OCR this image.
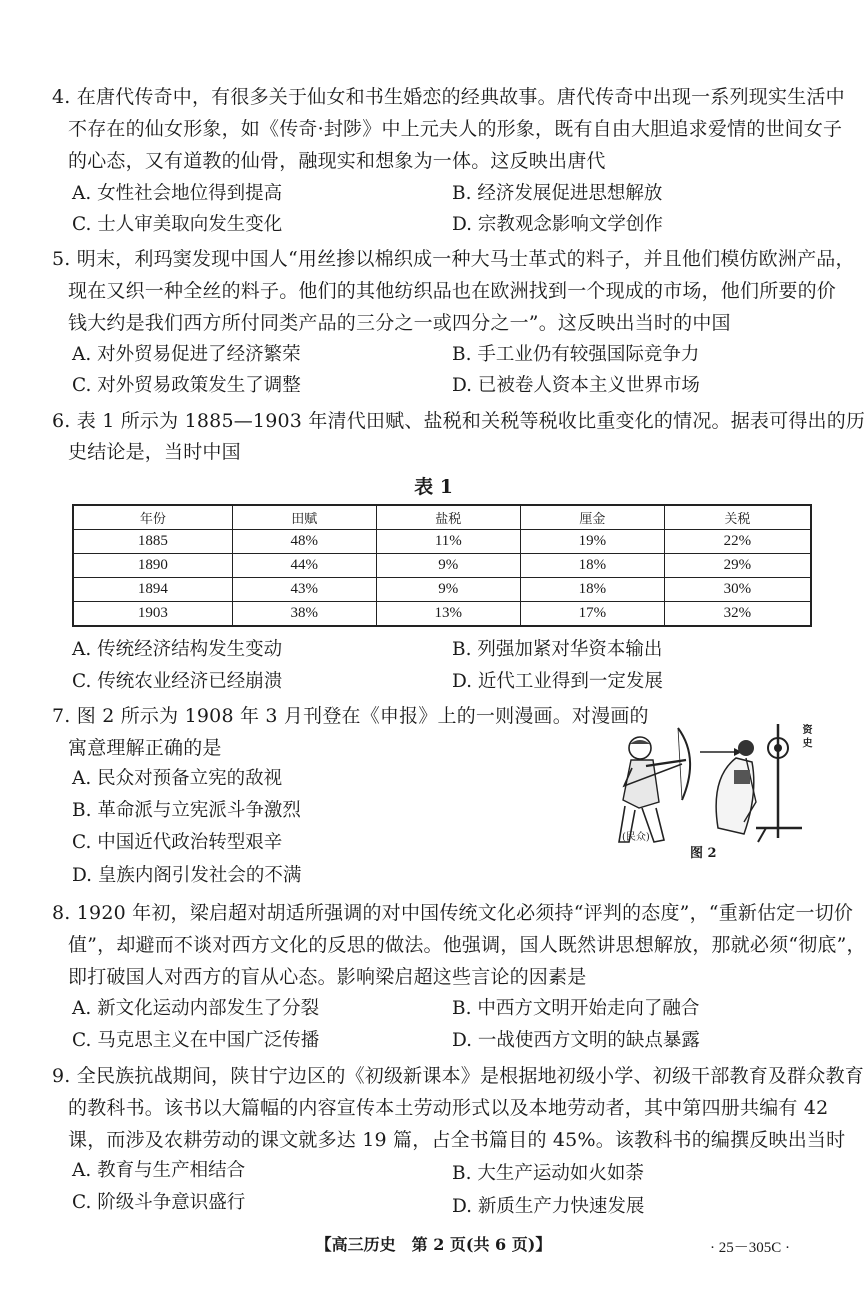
4. 在唐代传奇中，有很多关于仙女和书生婚恋的经典故事。唐代传奇中出现一系列现实生活中
不存在的仙女形象，如《传奇·封陟》中上元夫人的形象，既有自由大胆追求爱情的世间女子
的心态，又有道教的仙骨，融现实和想象为一体。这反映出唐代
A. 女性社会地位得到提高	B. 经济发展促进思想解放
C. 士人审美取向发生变化	D. 宗教观念影响文学创作
5. 明末，利玛窦发现中国人“用丝掺以棉织成一种大马士革式的料子，并且他们模仿欧洲产品，
现在又织一种全丝的料子。他们的其他纺织品也在欧洲找到一个现成的市场，他们所要的价
钱大约是我们西方所付同类产品的三分之一或四分之一”。这反映出当时的中国
A. 对外贸易促进了经济繁荣	B. 手工业仍有较强国际竞争力
C. 对外贸易政策发生了调整	D. 已被卷人资本主义世界市场
6. 表 1 所示为 1885—1903 年清代田赋、盐税和关税等税收比重变化的情况。据表可得出的历
史结论是，当时中国
表 1
年份	田赋	盐税	厘金	关税
1885	48%	11%	19%	22%
1890	44%	9%	18%	29%
1894	43%	9%	18%	30%
1903	38%	13%	17%	32%
A. 传统经济结构发生变动	B. 列强加紧对华资本输出
C. 传统农业经济已经崩溃	D. 近代工业得到一定发展
7. 图 2 所示为 1908 年 3 月刊登在《申报》上的一则漫画。对漫画的
寓意理解正确的是
A. 民众对预备立宪的敌视
B. 革命派与立宪派斗争激烈
C. 中国近代政治转型艰辛
D. 皇族内阁引发社会的不满
资 史
(民众)
图 2
8. 1920 年初，梁启超对胡适所强调的对中国传统文化必须持“评判的态度”，“重新估定一切价
值”，却避而不谈对西方文化的反思的做法。他强调，国人既然讲思想解放，那就必须“彻底”，
即打破国人对西方的盲从心态。影响梁启超这些言论的因素是
A. 新文化运动内部发生了分裂	B. 中西方文明开始走向了融合
C. 马克思主义在中国广泛传播	D. 一战使西方文明的缺点暴露
9. 全民族抗战期间，陕甘宁边区的《初级新课本》是根据地初级小学、初级干部教育及群众教育
的教科书。该书以大篇幅的内容宣传本土劳动形式以及本地劳动者，其中第四册共编有 42
课，而涉及农耕劳动的课文就多达 19 篇，占全书篇目的 45%。该教科书的编撰反映出当时
A. 教育与生产相结合	B. 大生产运动如火如荼
C. 阶级斗争意识盛行	D. 新质生产力快速发展
【高三历史　第 2 页(共 6 页)】	· 25－305C ·
